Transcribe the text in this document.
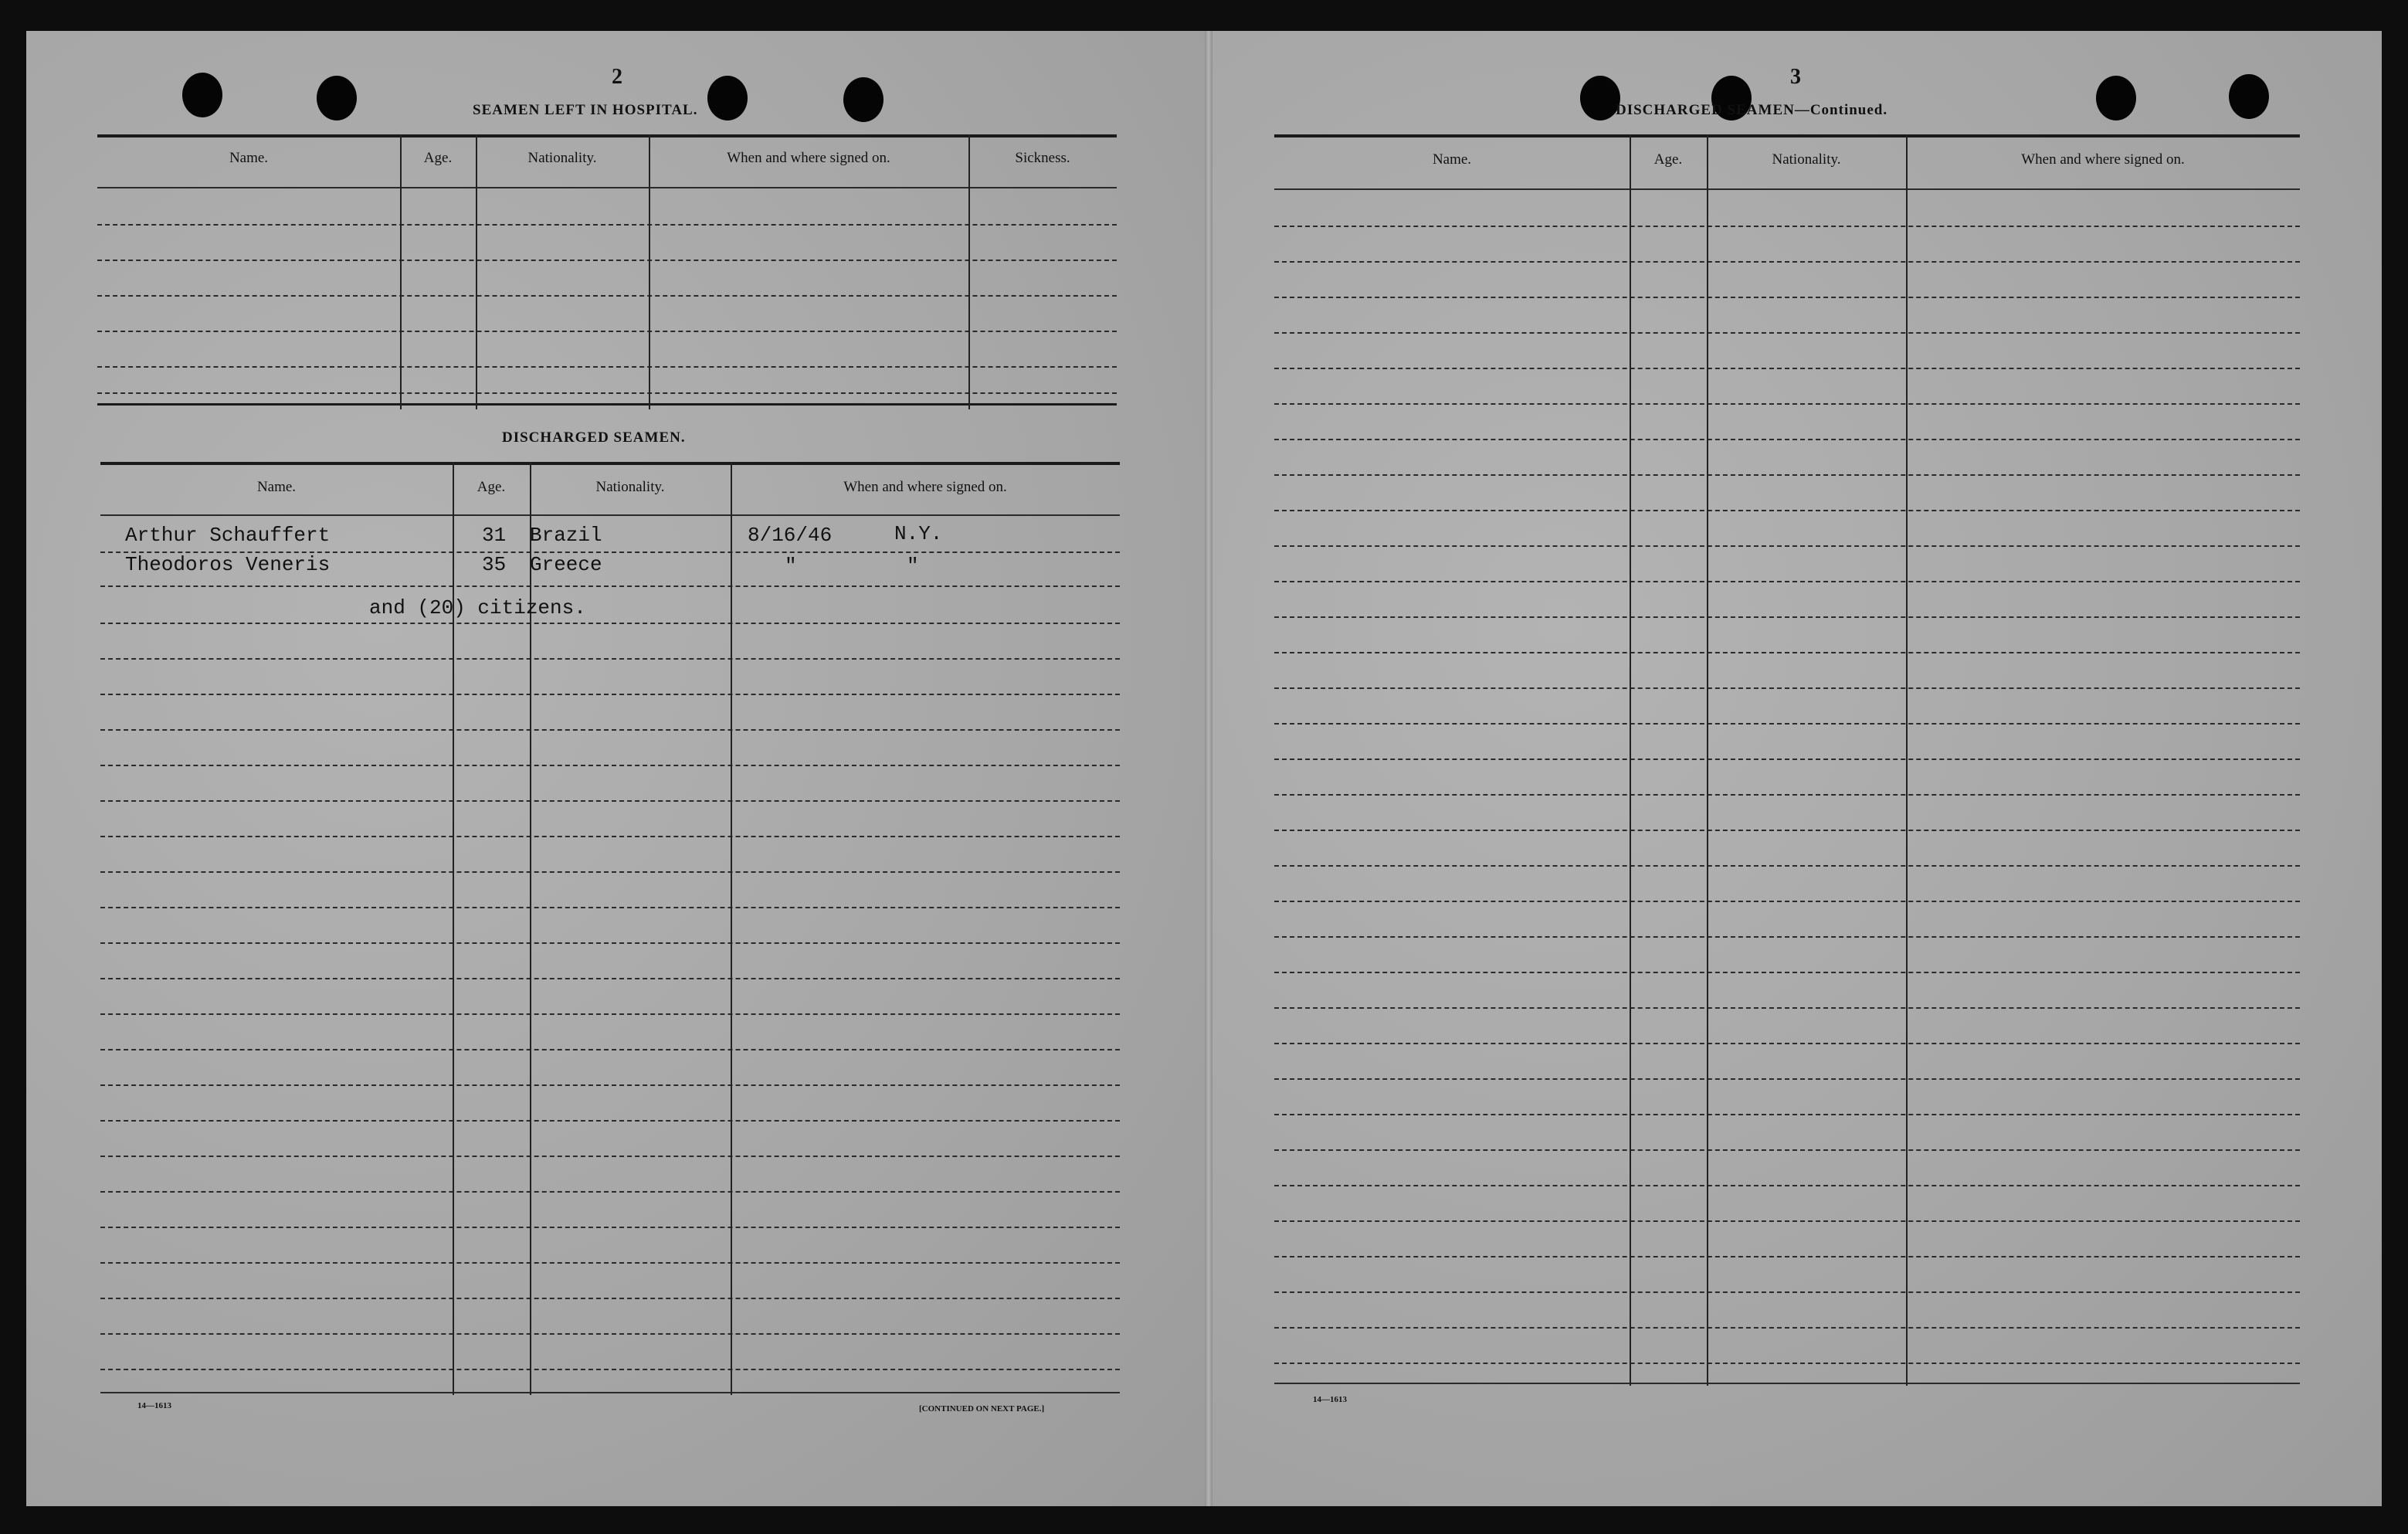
2
SEAMEN LEFT IN HOSPITAL.
Name.	Age.	Nationality.	When and where signed on.	Sickness.
DISCHARGED SEAMEN.
Name.	Age.	Nationality.	When and where signed on.
Arthur Schauffert	31 Brazil	8/16/46	N.Y.
Theodoros Veneris	35 Greece	"	"
and (20) citizens.
14—1613	[CONTINUED ON NEXT PAGE.]
3
DISCHARGED SEAMEN—Continued.
Name.	Age.	Nationality.	When and where signed on.
14—1613
